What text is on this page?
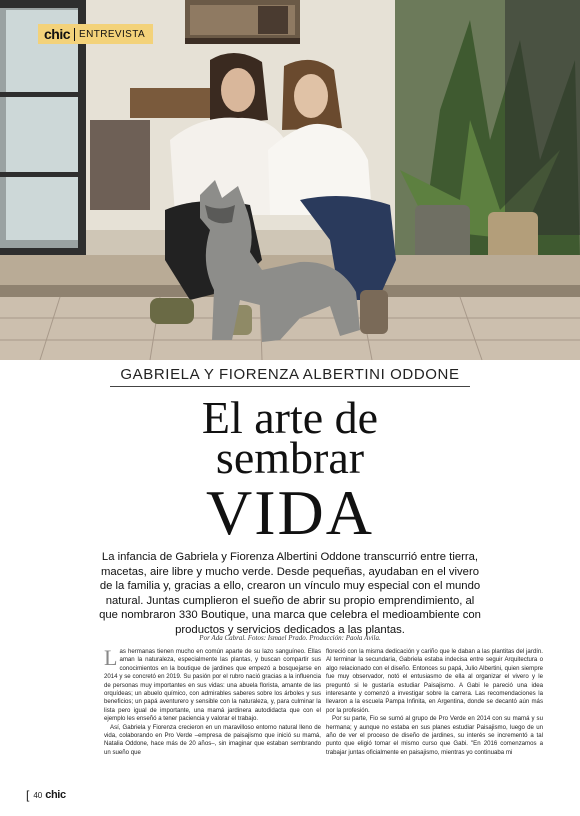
chic ENTREVISTA
GABRIELA Y FIORENZA ALBERTINI ODDONE
El arte de
sembrar
VIDA
La infancia de Gabriela y Fiorenza Albertini Oddone transcurrió entre tierra, macetas, aire libre y mucho verde. Desde pequeñas, ayudaban en el vivero de la familia y, gracias a ello, crearon un vínculo muy especial con el mundo natural. Juntas cumplieron el sueño de abrir su propio emprendimiento, al que nombraron 330 Boutique, una marca que celebra el medioambiente con productos y servicios dedicados a las plantas.
Por Ada Cabral. Fotos: Ismael Prado. Producción: Paola Ávila.

Las hermanas tienen mucho en común aparte de su lazo sanguíneo. Ellas aman la naturaleza, especialmente las plantas, y buscan compartir sus conocimientos en la boutique de jardines que empezó a bosquejarse en 2014 y se concretó en 2019. Su pasión por el rubro nació gracias a la influencia de personas muy importantes en sus vidas: una abuela florista, amante de las orquídeas; un abuelo químico, con admirables saberes sobre los árboles y sus beneficios; un papá aventurero y sensible con la naturaleza, y, para culminar la lista pero igual de importante, una mamá jardinera autodidacta que con el ejemplo les enseñó a tener paciencia y valorar el trabajo.

Así, Gabriela y Fiorenza crecieron en un maravilloso entorno natural lleno de vida, colaborando en Pro Verde –empresa de paisajismo que inició su mamá, Natalia Oddone, hace más de 20 años–, sin imaginar que estaban sembrando un sueño que

floreció con la misma dedicación y cariño que le daban a las plantitas del jardín. Al terminar la secundaria, Gabriela estaba indecisa entre seguir Arquitectura o algo relacionado con el diseño. Entonces su papá, Julio Albertini, quien siempre fue muy observador, notó el entusiasmo de ella al organizar el vivero y le preguntó si le gustaría estudiar Paisajismo. A Gabi le pareció una idea interesante y comenzó a investigar sobre la carrera. Las recomendaciones la llevaron a la escuela Pampa Infinita, en Argentina, donde se decantó aún más por la profesión.

Por su parte, Fio se sumó al grupo de Pro Verde en 2014 con su mamá y su hermana; y aunque no estaba en sus planes estudiar Paisajismo, luego de un año de ver el proceso de diseño de jardines, su interés se incrementó a tal punto que eligió tomar el mismo curso que Gabi. "En 2016 comenzamos a trabajar juntas oficialmente en paisajismo, mientras yo continuaba mi

[ 40 chic
